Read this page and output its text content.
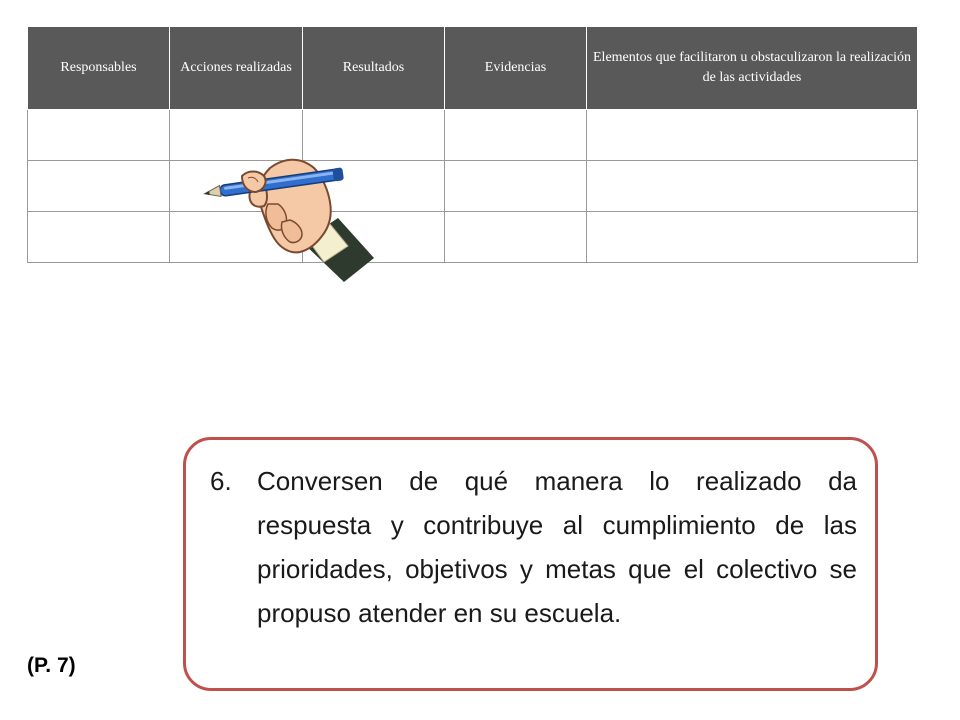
Responsables	Acciones realizadas	Resultados	Evidencias	Elementos que facilitaron u obstaculizaron la realización de las actividades

6. Conversen de qué manera lo realizado da respuesta y contribuye al cumplimiento de las prioridades, objetivos y metas que el colectivo se propuso atender en su escuela.
(P. 7)
